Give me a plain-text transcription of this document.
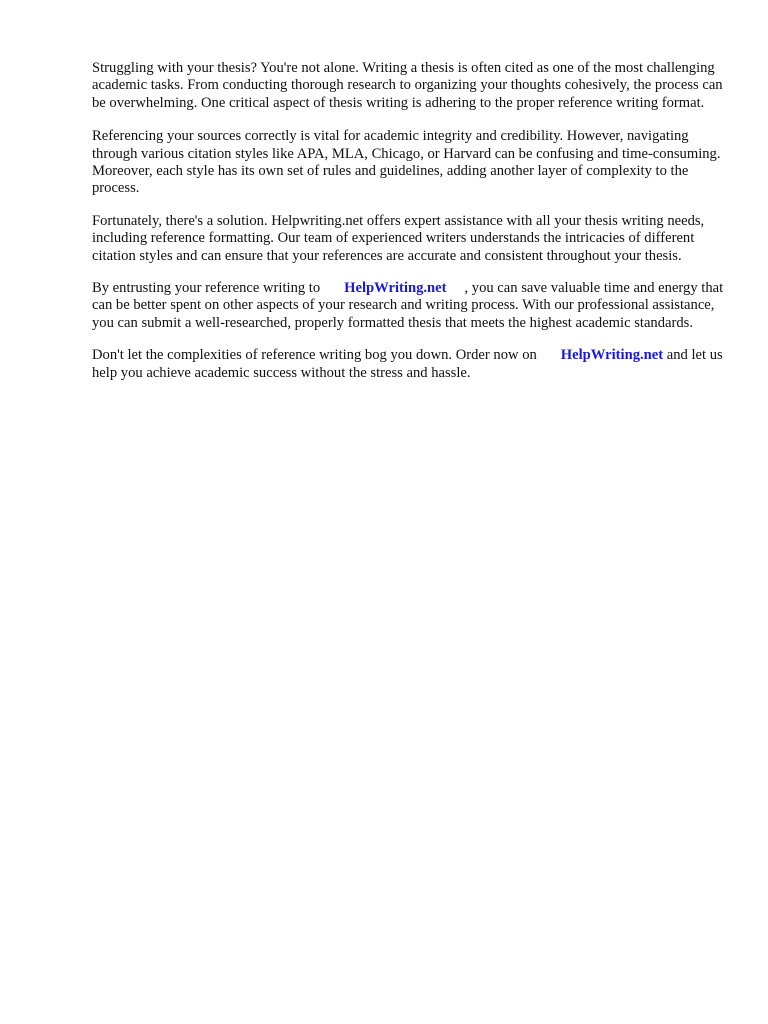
Struggling with your thesis? You're not alone. Writing a thesis is often cited as one of the most challenging academic tasks. From conducting thorough research to organizing your thoughts cohesively, the process can be overwhelming. One critical aspect of thesis writing is adhering to the proper reference writing format.

Referencing your sources correctly is vital for academic integrity and credibility. However, navigating through various citation styles like APA, MLA, Chicago, or Harvard can be confusing and time-consuming. Moreover, each style has its own set of rules and guidelines, adding another layer of complexity to the process.

Fortunately, there's a solution. Helpwriting.net offers expert assistance with all your thesis writing needs, including reference formatting. Our team of experienced writers understands the intricacies of different citation styles and can ensure that your references are accurate and consistent throughout your thesis.

By entrusting your reference writing to HelpWriting.net , you can save valuable time and energy that can be better spent on other aspects of your research and writing process. With our professional assistance, you can submit a well-researched, properly formatted thesis that meets the highest academic standards.

Don't let the complexities of reference writing bog you down. Order now on HelpWriting.net and let us help you achieve academic success without the stress and hassle.
